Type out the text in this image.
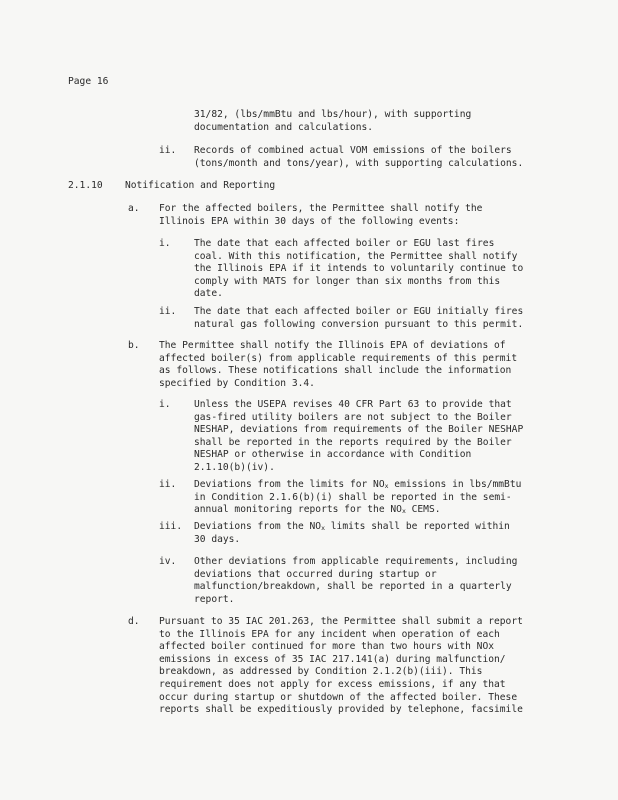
Page 16
31/82, (lbs/mmBtu and lbs/hour), with supporting
documentation and calculations.
ii. Records of combined actual VOM emissions of the boilers
(tons/month and tons/year), with supporting calculations.
2.1.10 Notification and Reporting
a. For the affected boilers, the Permittee shall notify the
Illinois EPA within 30 days of the following events:
i. The date that each affected boiler or EGU last fires
coal. With this notification, the Permittee shall notify
the Illinois EPA if it intends to voluntarily continue to
comply with MATS for longer than six months from this
date.
ii. The date that each affected boiler or EGU initially fires
natural gas following conversion pursuant to this permit.
b. The Permittee shall notify the Illinois EPA of deviations of
affected boiler(s) from applicable requirements of this permit
as follows. These notifications shall include the information
specified by Condition 3.4.
i. Unless the USEPA revises 40 CFR Part 63 to provide that
gas-fired utility boilers are not subject to the Boiler
NESHAP, deviations from requirements of the Boiler NESHAP
shall be reported in the reports required by the Boiler
NESHAP or otherwise in accordance with Condition
2.1.10(b)(iv).
ii. Deviations from the limits for $NO_x$ emissions in lbs/mmBtu
in Condition 2.1.6(b)(i) shall be reported in the semi-
annual monitoring reports for the $NO_x$ CEMS.
iii. Deviations from the $NO_x$ limits shall be reported within
30 days.
iv. Other deviations from applicable requirements, including
deviations that occurred during startup or
malfunction/breakdown, shall be reported in a quarterly
report.
d. Pursuant to 35 IAC 201.263, the Permittee shall submit a report
to the Illinois EPA for any incident when operation of each
affected boiler continued for more than two hours with NOx
emissions in excess of 35 IAC 217.141(a) during malfunction/
breakdown, as addressed by Condition 2.1.2(b)(iii). This
requirement does not apply for excess emissions, if any that
occur during startup or shutdown of the affected boiler. These
reports shall be expeditiously provided by telephone, facsimile
